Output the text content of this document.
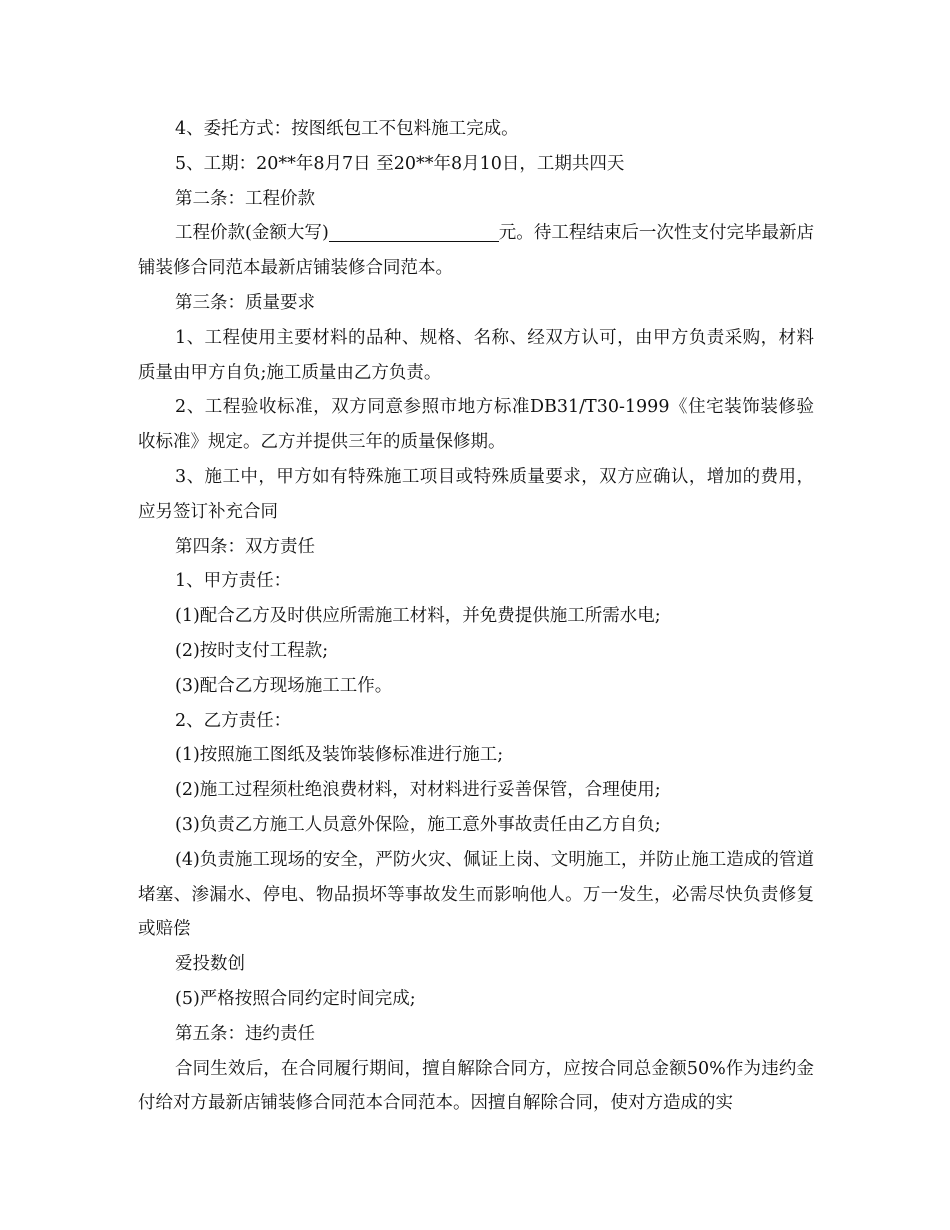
4、委托方式：按图纸包工不包料施工完成。

5、工期：20**年8月7日 至20**年8月10日，工期共四天

第二条：工程价款

工程价款(金额大写)	元。待工程结束后一次性支付完毕最新店铺装修合同范本最新店铺装修合同范本。

第三条：质量要求

1、工程使用主要材料的品种、规格、名称、经双方认可，由甲方负责采购，材料质量由甲方自负;施工质量由乙方负责。

2、工程验收标准，双方同意参照市地方标准DB31/T30-1999《住宅装饰装修验收标准》规定。乙方并提供三年的质量保修期。

3、施工中，甲方如有特殊施工项目或特殊质量要求，双方应确认，增加的费用，应另签订补充合同

第四条：双方责任

1、甲方责任：

(1)配合乙方及时供应所需施工材料，并免费提供施工所需水电;

(2)按时支付工程款;

(3)配合乙方现场施工工作。

2、乙方责任：

(1)按照施工图纸及装饰装修标准进行施工;

(2)施工过程须杜绝浪费材料，对材料进行妥善保管，合理使用;

(3)负责乙方施工人员意外保险，施工意外事故责任由乙方自负;

(4)负责施工现场的安全，严防火灾、佩证上岗、文明施工，并防止施工造成的管道堵塞、渗漏水、停电、物品损坏等事故发生而影响他人。万一发生，必需尽快负责修复或赔偿

爱投数创

(5)严格按照合同约定时间完成;

第五条：违约责任

合同生效后，在合同履行期间，擅自解除合同方，应按合同总金额50%作为违约金付给对方最新店铺装修合同范本合同范本。因擅自解除合同，使对方造成的实
